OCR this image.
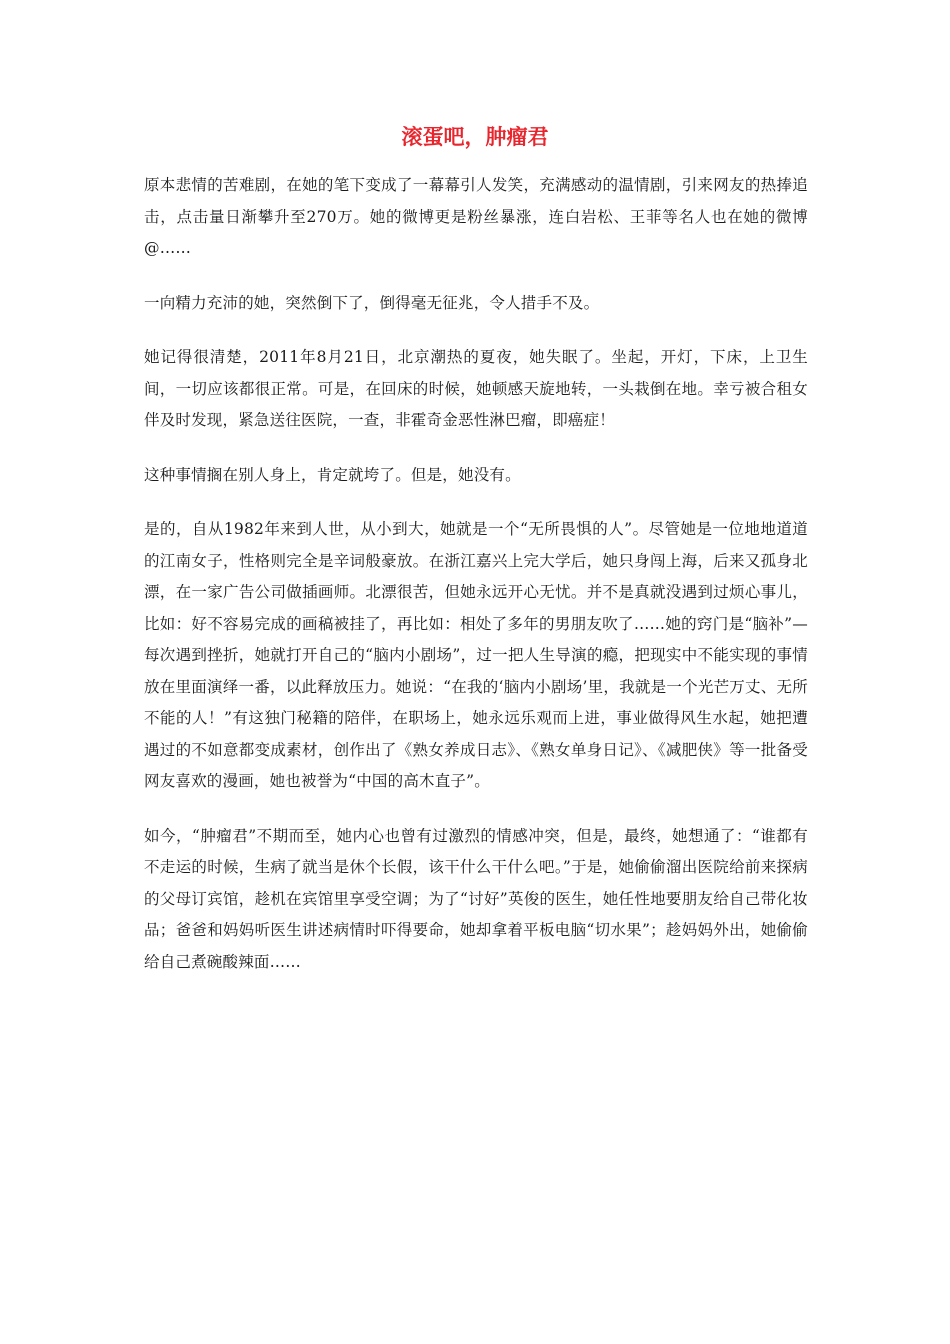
滚蛋吧，肿瘤君

原本悲情的苦难剧，在她的笔下变成了一幕幕引人发笑，充满感动的温情剧，引来网友的热捧追击，点击量日渐攀升至270万。她的微博更是粉丝暴涨，连白岩松、王菲等名人也在她的微博@……

一向精力充沛的她，突然倒下了，倒得毫无征兆，令人措手不及。

她记得很清楚，2011年8月21日，北京潮热的夏夜，她失眠了。坐起，开灯，下床，上卫生间，一切应该都很正常。可是，在回床的时候，她顿感天旋地转，一头栽倒在地。幸亏被合租女伴及时发现，紧急送往医院，一查，非霍奇金恶性淋巴瘤，即癌症！

这种事情搁在别人身上，肯定就垮了。但是，她没有。

是的，自从1982年来到人世，从小到大，她就是一个“无所畏惧的人”。尽管她是一位地地道道的江南女子，性格则完全是辛词般豪放。在浙江嘉兴上完大学后，她只身闯上海，后来又孤身北漂，在一家广告公司做插画师。北漂很苦，但她永远开心无忧。并不是真就没遇到过烦心事儿，比如：好不容易完成的画稿被挂了，再比如：相处了多年的男朋友吹了……她的窍门是“脑补”—每次遇到挫折，她就打开自己的“脑内小剧场”，过一把人生导演的瘾，把现实中不能实现的事情放在里面演绎一番，以此释放压力。她说：“在我的‘脑内小剧场’里，我就是一个光芒万丈、无所不能的人！”有这独门秘籍的陪伴，在职场上，她永远乐观而上进，事业做得风生水起，她把遭遇过的不如意都变成素材，创作出了《熟女养成日志》、《熟女单身日记》、《减肥侠》等一批备受网友喜欢的漫画，她也被誉为“中国的高木直子”。

如今，“肿瘤君”不期而至，她内心也曾有过激烈的情感冲突，但是，最终，她想通了：“谁都有不走运的时候，生病了就当是休个长假，该干什么干什么吧。”于是，她偷偷溜出医院给前来探病的父母订宾馆，趁机在宾馆里享受空调；为了“讨好”英俊的医生，她任性地要朋友给自己带化妆品；爸爸和妈妈听医生讲述病情时吓得要命，她却拿着平板电脑“切水果”；趁妈妈外出，她偷偷给自己煮碗酸辣面……
